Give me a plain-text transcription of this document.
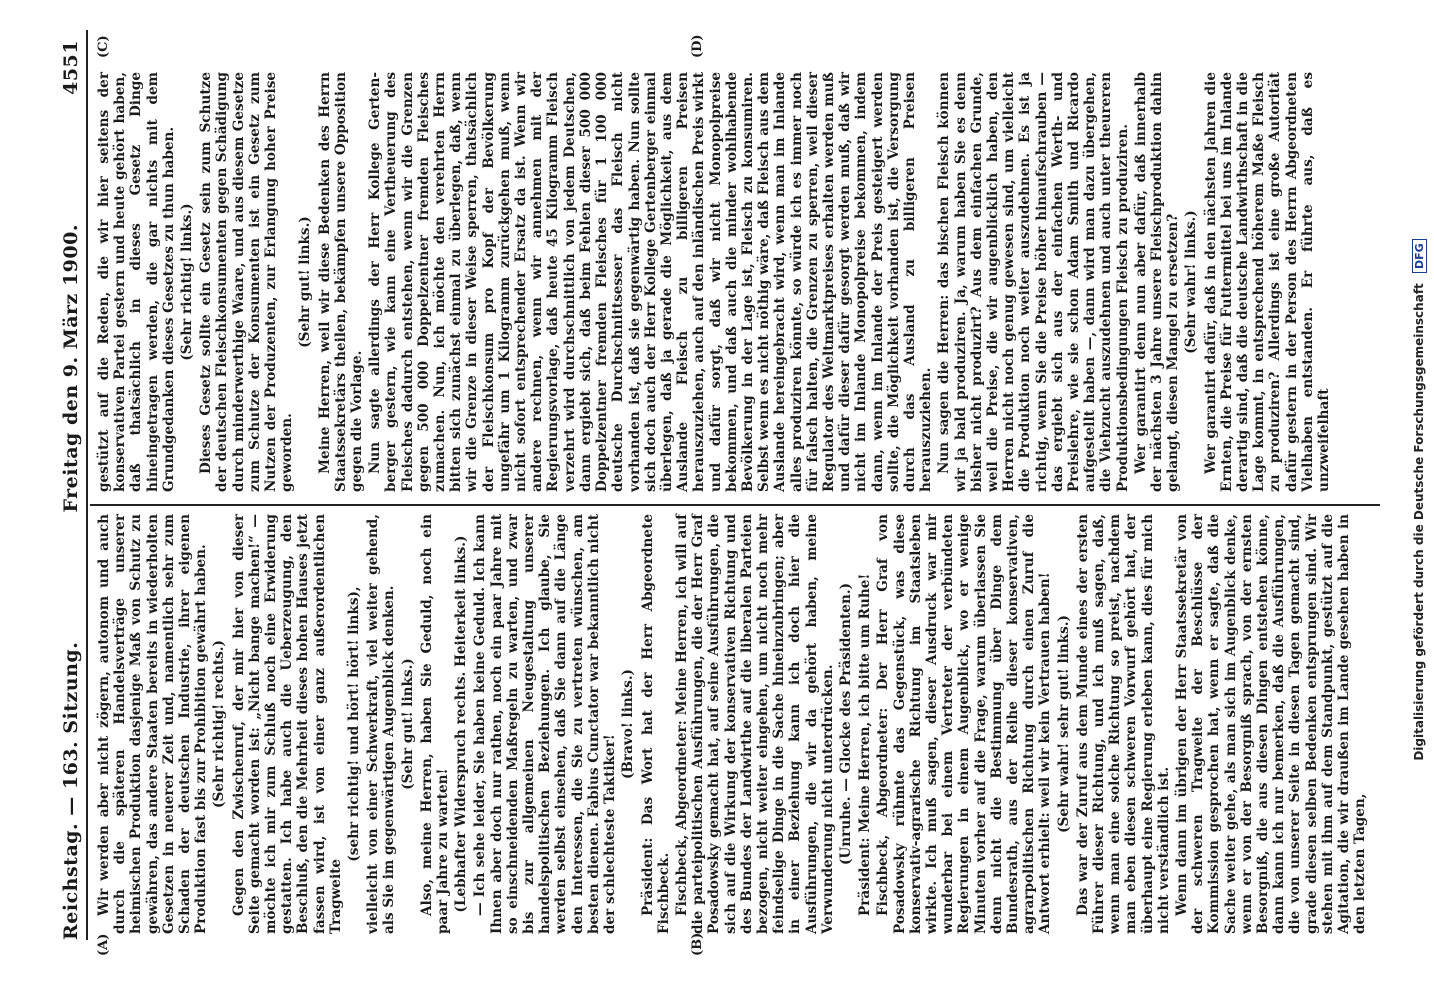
Reichstag. — 163. Sitzung.
Freitag den 9. März 1900.
4551
(A)	(B)
(C)	(D)

Wir werden aber nicht zögern, autonom und auch durch die späteren Handelsverträge unserer heimischen Produktion dasjenige Maß von Schutz zu gewähren, das andere Staaten bereits in wiederholten Gesetzen in neuerer Zeit und, namentlich sehr zum Schaden der deutschen Industrie, ihrer eigenen Produktion fast bis zur Prohibition gewährt haben. (Sehr richtig! rechts.) Gegen den Zwischenruf, der mir hier von dieser Seite gemacht worden ist: „Nicht bange machen!“ — möchte ich mir zum Schluß noch eine Erwiderung gestatten. Ich habe auch die Ueberzeugung, den Beschluß, den die Mehrheit dieses hohen Hauses jetzt fassen wird, ist von einer ganz außerordentlichen Tragweite

(sehr richtig! und hört! hört! links), vielleicht von einer Schwerkraft, viel weiter gehend, als Sie im gegenwärtigen Augenblick denken. (Sehr gut! links.) Also, meine Herren, haben Sie Geduld, noch ein paar Jahre zu warten! (Lebhafter Widerspruch rechts. Heiterkeit links.) — Ich sehe leider, Sie haben keine Geduld. Ich kann Ihnen aber doch nur rathen, noch ein paar Jahre mit so einschneidenden Maßregeln zu warten, und zwar bis zur allgemeinen Neugestaltung unserer handelspolitischen Beziehungen. Ich glaube, Sie werden selbst einsehen, daß Sie dann auf die Länge den Interessen, die Sie zu vertreten wünschen, am besten dienen. Fabius Cunctator war bekanntlich nicht der schlechteste Taktiker!

(Bravo! links.) Präsident: Das Wort hat der Herr Abgeordnete Fischbeck. Fischbeck, Abgeordneter: Meine Herren, ich will auf die parteipolitischen Ausführungen, die der Herr Graf Posadowsky gemacht hat, auf seine Ausführungen, die sich auf die Wirkung der konservativen Richtung und des Bundes der Landwirthe auf die liberalen Parteien bezogen, nicht weiter eingehen, um nicht noch mehr feindselige Dinge in die Sache hineinzubringen; aber in einer Beziehung kann ich doch hier die Ausführungen, die wir da gehört haben, meine Verwunderung nicht unterdrücken. (Unruhe. — Glocke des Präsidenten.) Präsident: Meine Herren, ich bitte um Ruhe! Fischbeck, Abgeordneter: Der Herr Graf von Posadowsky rühmte das Gegenstück, was diese konservativ-agrarische Richtung im Staatsleben wirkte. Ich muß sagen, dieser Ausdruck war mir wunderbar bei einem Vertreter der verbündeten Regierungen in einem Augenblick, wo er wenige Minuten vorher auf die Frage, warum überlassen Sie denn nicht die Bestimmung über Dinge dem Bundesrath, aus der Reihe dieser konservativen, agrarpolitischen Richtung durch einen Zuruf die Antwort erhielt: weil wir kein Vertrauen haben! (Sehr wahr! sehr gut! links.) Das war der Zuruf aus dem Munde eines der ersten Führer dieser Richtung, und ich muß sagen, daß, wenn man eine solche Richtung so preist, nachdem man eben diesen schweren Vorwurf gehört hat, der überhaupt eine Regierung erleben kann, dies für mich nicht verständlich ist. Wenn dann im übrigen der Herr Staatssekretär von der schweren Tragweite der Beschlüsse der Kommission gesprochen hat, wenn er sagte, daß die Sache weiter gehe, als man sich im Augenblick denke, wenn er von der Besorgniß sprach, von der ernsten Besorgniß, die aus diesen Dingen entstehen könne, dann kann ich nur bemerken, daß die Ausführungen, die von unserer Seite in diesen Tagen gemacht sind, grade diesen selben Bedenken entsprungen sind. Wir stehen mit ihm auf dem Standpunkt, gestützt auf die Agitation, die wir draußen im Lande gesehen haben in den letzten Tagen,

gestützt auf die Reden, die wir hier seitens der konservativen Partei gestern und heute gehört haben, daß thatsächlich in dieses Gesetz Dinge hineingetragen werden, die gar nichts mit dem Grundgedanken dieses Gesetzes zu thun haben. (Sehr richtig! links.) Dieses Gesetz sollte ein Gesetz sein zum Schutze der deutschen Fleischkonsumenten gegen Schädigung durch minderwerthige Waare, und aus diesem Gesetze zum Schutze der Konsumenten ist ein Gesetz zum Nutzen der Produzenten, zur Erlangung hoher Preise geworden.

(Sehr gut! links.) Meine Herren, weil wir diese Bedenken des Herrn Staatssekretärs theilen, bekämpfen unsere Opposition gegen die Vorlage. Nun sagte allerdings der Herr Kollege Gerten-berger gestern, wie kann eine Vertheuerung des Fleisches dadurch entstehen, wenn wir die Grenzen gegen 500 000 Doppelzentner fremden Fleisches zumachen. Nun, ich möchte den verehrten Herrn bitten sich zunächst einmal zu überlegen, daß, wenn wir die Grenze in dieser Weise sperren, thatsächlich der Fleischkonsum pro Kopf der Bevölkerung ungefähr um 1 Kilogramm zurückgehen muß, wenn nicht sofort entsprechender Ersatz da ist. Wenn wir andere rechnen, wenn wir annehmen mit der Regierungsvorlage, daß heute 45 Kilogramm Fleisch verzehrt wird durchschnittlich von jedem Deutschen, dann ergiebt sich, daß beim Fehlen dieser 500 000 Doppelzentner fremden Fleisches für 1 100 000 deutsche Durchschnittsesser das Fleisch nicht vorhanden ist, daß sie gegenwärtig haben. Nun sollte sich doch auch der Herr Kollege Gertenberger einmal überlegen, daß ja gerade die Möglichkeit, aus dem Auslande Fleisch zu billigeren Preisen herauszuziehen, auch auf den inländischen Preis wirkt und dafür sorgt, daß wir nicht Monopolpreise bekommen, und daß auch die minder wohlhabende Bevölkerung in der Lage ist, Fleisch zu konsumiren. Selbst wenn es nicht nöthig wäre, daß Fleisch aus dem Auslande hereingebracht wird, wenn man im Inlande alles produziren könnte, so würde ich es immer noch für falsch halten, die Grenzen zu sperren, weil dieser Regulator des Weltmarktpreises erhalten werden muß und dafür dieser dafür gesorgt werden muß, daß wir nicht im Inlande Monopolpreise bekommen, indem dann, wenn im Inlande der Preis gesteigert werden sollte, die Möglichkeit vorhanden ist, die Versorgung durch das Ausland zu billigeren Preisen herauszuziehen. Nun sagen die Herren: das bischen Fleisch können wir ja bald produziren. Ja, warum haben Sie es denn bisher nicht produzirt? Aus dem einfachen Grunde, weil die Preise, die wir augenblicklich haben, den Herren nicht noch genug gewesen sind, um vielleicht die Produktion noch weiter auszudehnen. Es ist ja richtig, wenn Sie die Preise höher hinaufschrauben — das ergiebt sich aus der einfachen Werth- und Preislehre, wie sie schon Adam Smith und Ricardo aufgestellt haben —, dann wird man dazu übergehen, die Viehzucht auszudehnen und auch unter theureren Produktionsbedingungen Fleisch zu produziren. Wer garantirt denn nun aber dafür, daß innerhalb der nächsten 3 Jahre unsere Fleischproduktion dahin gelangt, diesen Mangel zu ersetzen? (Sehr wahr! links.) Wer garantirt dafür, daß in den nächsten Jahren die Ernten, die Preise für Futtermittel bei uns im Inlande derartig sind, daß die deutsche Landwirthschaft in die Lage kommt, in entsprechend höherem Maße Fleisch zu produziren? Allerdings ist eine große Autorität dafür gestern in der Person des Herrn Abgeordneten Vielhaben entstanden. Er führte aus, daß es unzweifelhaft	Digitalisierung gefördert durch die Deutsche Forschungsgemeinschaft DFG
